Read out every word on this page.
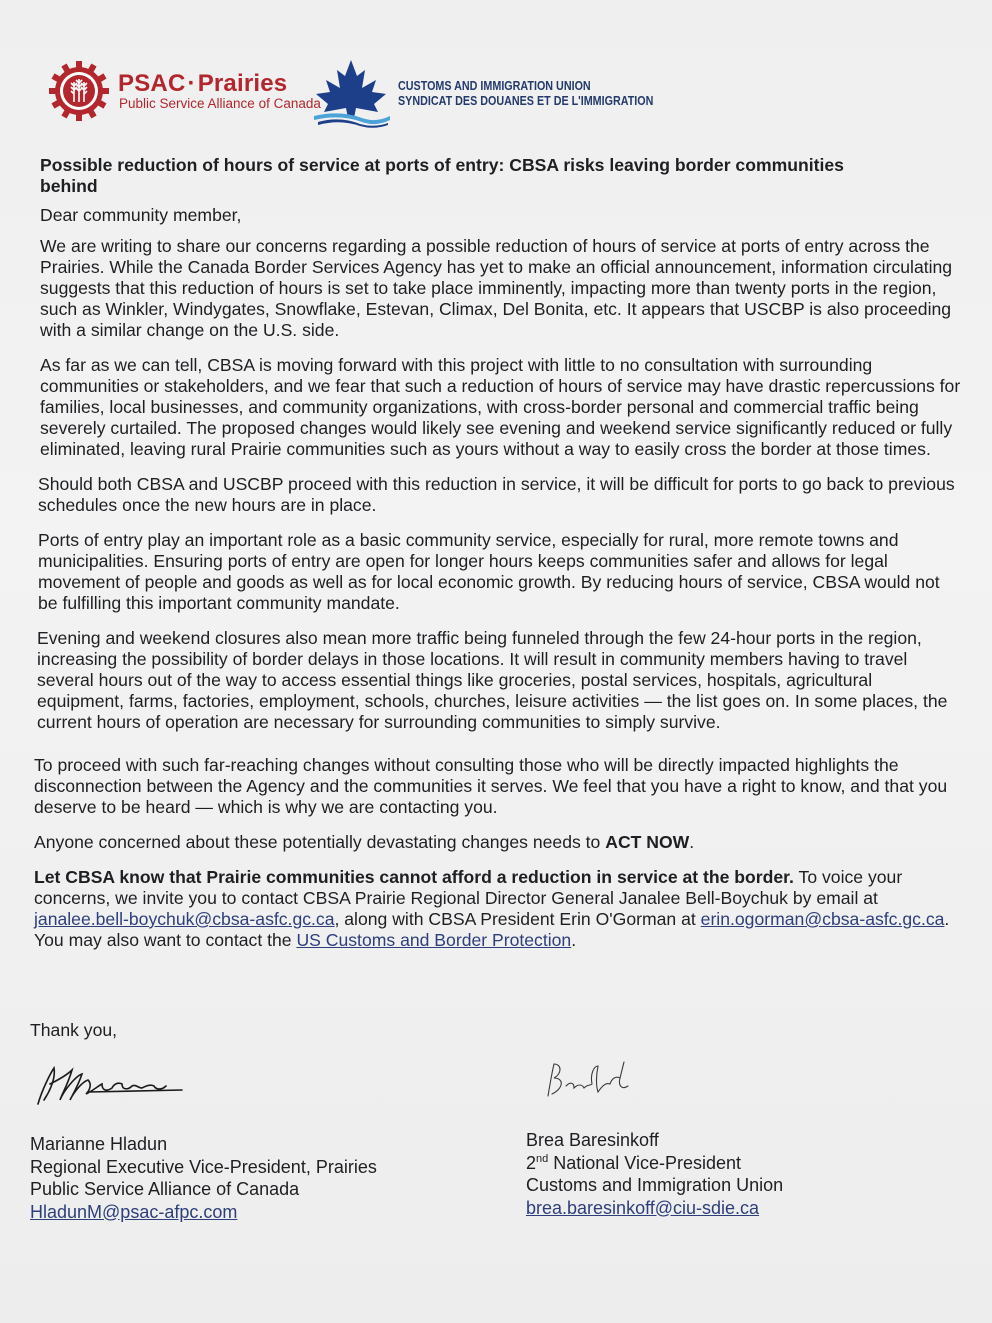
PSAC·Prairies
Public Service Alliance of Canada
CUSTOMS AND IMMIGRATION UNION
SYNDICAT DES DOUANES ET DE L'IMMIGRATION
Possible reduction of hours of service at ports of entry: CBSA risks leaving border communities behind

Dear community member,

We are writing to share our concerns regarding a possible reduction of hours of service at ports of entry across the Prairies. While the Canada Border Services Agency has yet to make an official announcement, information circulating suggests that this reduction of hours is set to take place imminently, impacting more than twenty ports in the region, such as Winkler, Windygates, Snowflake, Estevan, Climax, Del Bonita, etc. It appears that USCBP is also proceeding with a similar change on the U.S. side.

As far as we can tell, CBSA is moving forward with this project with little to no consultation with surrounding communities or stakeholders, and we fear that such a reduction of hours of service may have drastic repercussions for families, local businesses, and community organizations, with cross-border personal and commercial traffic being severely curtailed. The proposed changes would likely see evening and weekend service significantly reduced or fully eliminated, leaving rural Prairie communities such as yours without a way to easily cross the border at those times.

Should both CBSA and USCBP proceed with this reduction in service, it will be difficult for ports to go back to previous schedules once the new hours are in place.

Ports of entry play an important role as a basic community service, especially for rural, more remote towns and municipalities. Ensuring ports of entry are open for longer hours keeps communities safer and allows for legal movement of people and goods as well as for local economic growth. By reducing hours of service, CBSA would not be fulfilling this important community mandate.

Evening and weekend closures also mean more traffic being funneled through the few 24-hour ports in the region, increasing the possibility of border delays in those locations. It will result in community members having to travel several hours out of the way to access essential things like groceries, postal services, hospitals, agricultural equipment, farms, factories, employment, schools, churches, leisure activities — the list goes on. In some places, the current hours of operation are necessary for surrounding communities to simply survive.

To proceed with such far-reaching changes without consulting those who will be directly impacted highlights the disconnection between the Agency and the communities it serves. We feel that you have a right to know, and that you deserve to be heard — which is why we are contacting you.

Anyone concerned about these potentially devastating changes needs to ACT NOW.

Let CBSA know that Prairie communities cannot afford a reduction in service at the border. To voice your concerns, we invite you to contact CBSA Prairie Regional Director General Janalee Bell-Boychuk by email at janalee.bell-boychuk@cbsa-asfc.gc.ca, along with CBSA President Erin O'Gorman at erin.ogorman@cbsa-asfc.gc.ca. You may also want to contact the US Customs and Border Protection.

Thank you,
Marianne Hladun
Regional Executive Vice-President, Prairies
Public Service Alliance of Canada
HladunM@psac-afpc.com
Brea Baresinkoff
2nd National Vice-President
Customs and Immigration Union
brea.baresinkoff@ciu-sdie.ca
